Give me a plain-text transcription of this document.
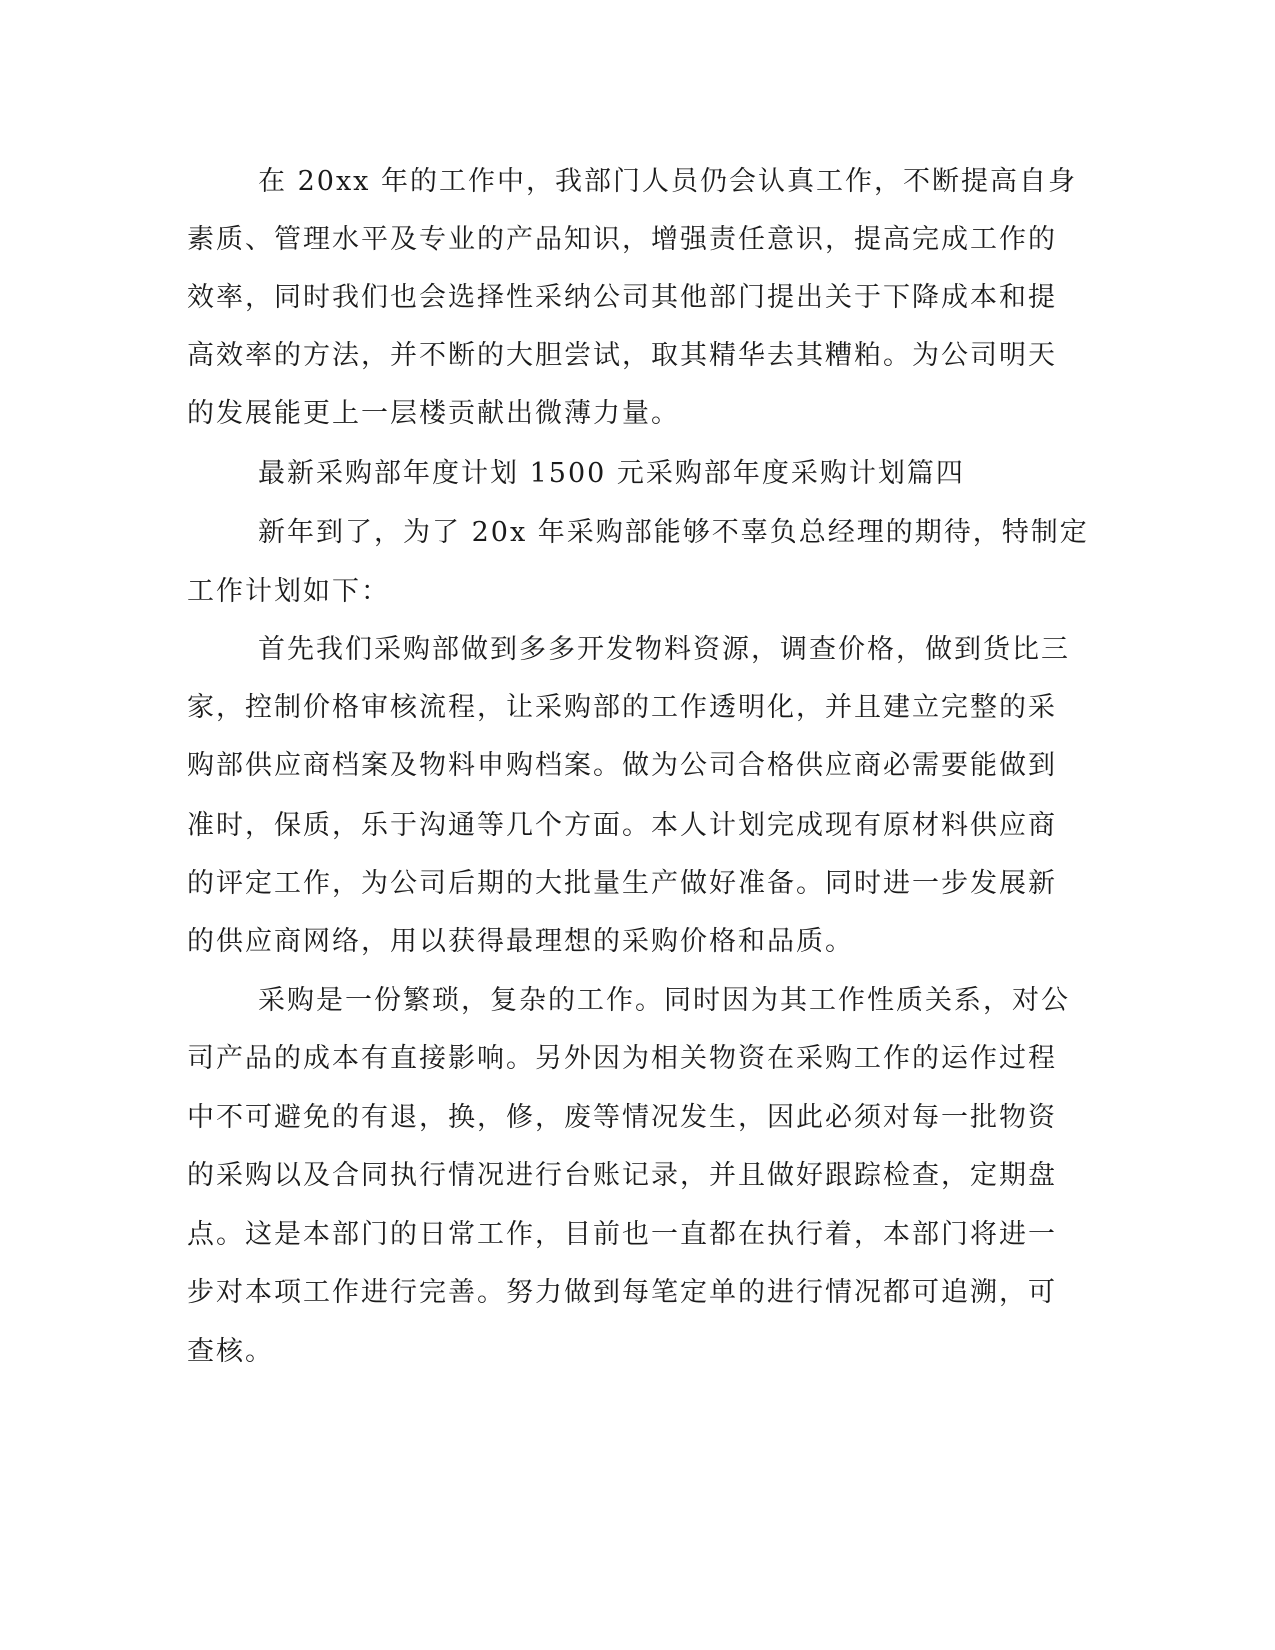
在 20xx 年的工作中，我部门人员仍会认真工作，不断提高自身
素质、管理水平及专业的产品知识，增强责任意识，提高完成工作的
效率，同时我们也会选择性采纳公司其他部门提出关于下降成本和提
高效率的方法，并不断的大胆尝试，取其精华去其糟粕。为公司明天
的发展能更上一层楼贡献出微薄力量。
最新采购部年度计划 1500 元采购部年度采购计划篇四
新年到了，为了 20x 年采购部能够不辜负总经理的期待，特制定
工作计划如下：
首先我们采购部做到多多开发物料资源，调查价格，做到货比三
家，控制价格审核流程，让采购部的工作透明化，并且建立完整的采
购部供应商档案及物料申购档案。做为公司合格供应商必需要能做到
准时，保质，乐于沟通等几个方面。本人计划完成现有原材料供应商
的评定工作，为公司后期的大批量生产做好准备。同时进一步发展新
的供应商网络，用以获得最理想的采购价格和品质。
采购是一份繁琐，复杂的工作。同时因为其工作性质关系，对公
司产品的成本有直接影响。另外因为相关物资在采购工作的运作过程
中不可避免的有退，换，修，废等情况发生，因此必须对每一批物资
的采购以及合同执行情况进行台账记录，并且做好跟踪检查，定期盘
点。这是本部门的日常工作，目前也一直都在执行着，本部门将进一
步对本项工作进行完善。努力做到每笔定单的进行情况都可追溯，可
查核。
